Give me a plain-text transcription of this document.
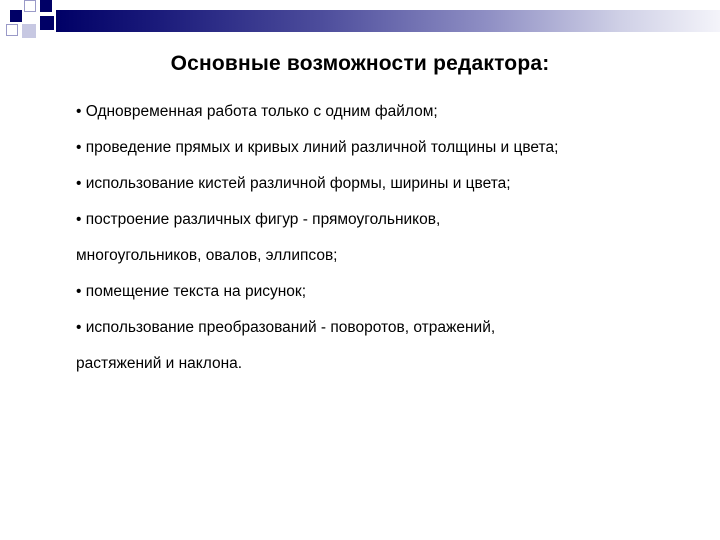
Основные возможности редактора:

• Одновременная работа только с одним файлом;

• проведение прямых и кривых линий различной толщины и цвета;

• использование кистей различной формы, ширины и цвета;

• построение различных фигур - прямоугольников,

многоугольников, овалов, эллипсов;

• помещение текста на рисунок;

• использование преобразований - поворотов, отражений,

растяжений и наклона.
